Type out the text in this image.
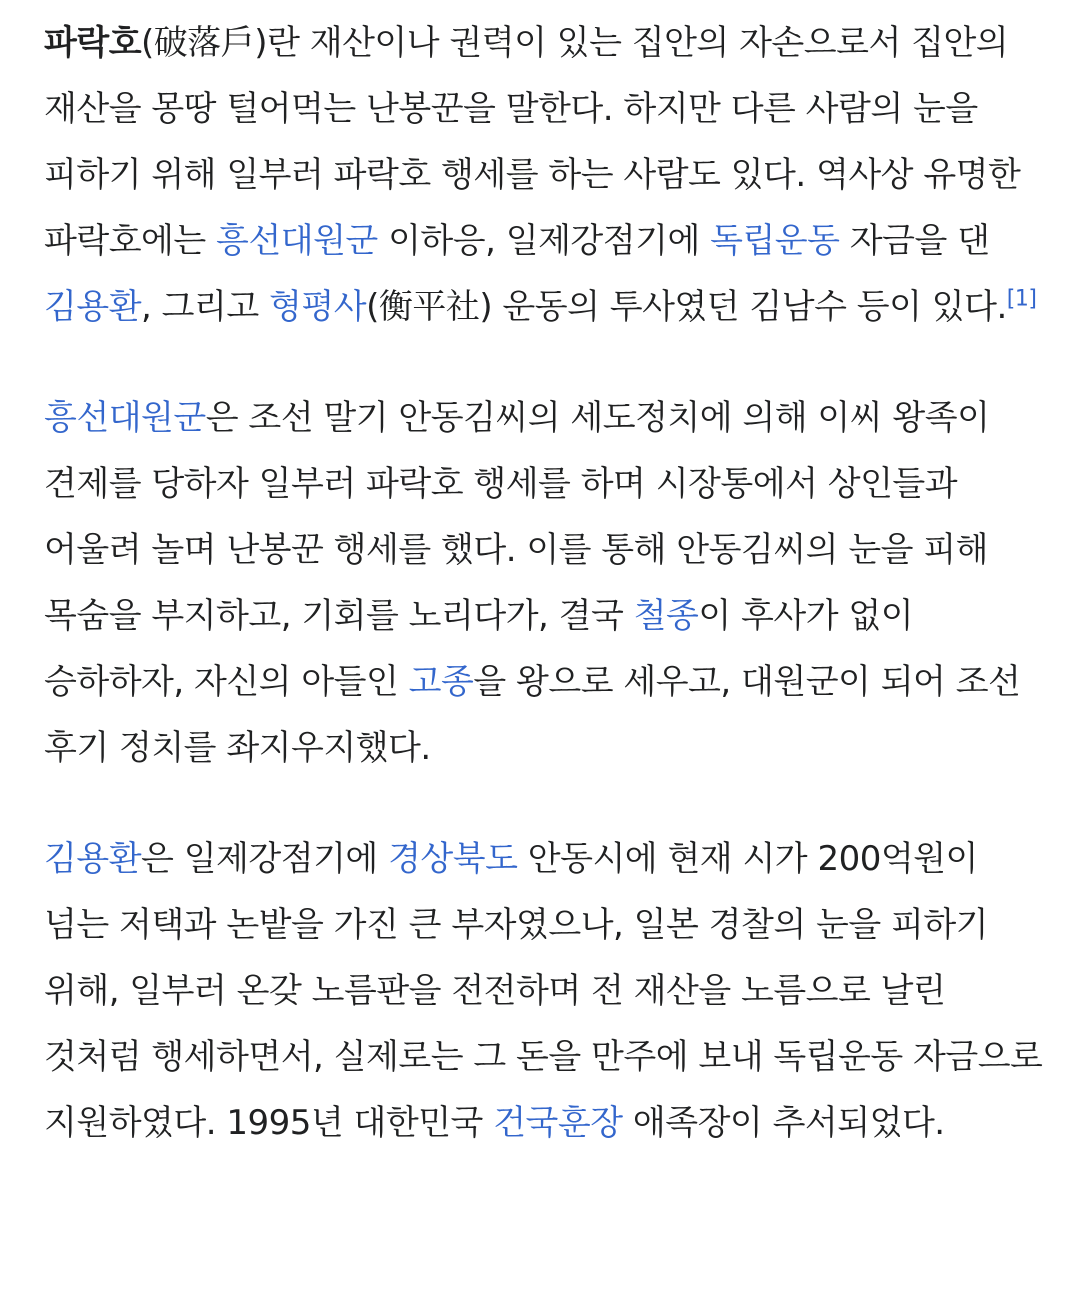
파락호(破落戶)란 재산이나 권력이 있는 집안의 자손으로서 집안의 재산을 몽땅 털어먹는 난봉꾼을 말한다. 하지만 다른 사람의 눈을 피하기 위해 일부러 파락호 행세를 하는 사람도 있다. 역사상 유명한 파락호에는 흥선대원군 이하응, 일제강점기에 독립운동 자금을 댄 김용환, 그리고 형평사(衡平社) 운동의 투사였던 김남수 등이 있다.[1]

흥선대원군은 조선 말기 안동김씨의 세도정치에 의해 이씨 왕족이 견제를 당하자 일부러 파락호 행세를 하며 시장통에서 상인들과 어울려 놀며 난봉꾼 행세를 했다. 이를 통해 안동김씨의 눈을 피해 목숨을 부지하고, 기회를 노리다가, 결국 철종이 후사가 없이 승하하자, 자신의 아들인 고종을 왕으로 세우고, 대원군이 되어 조선 후기 정치를 좌지우지했다.

김용환은 일제강점기에 경상북도 안동시에 현재 시가 200억원이 넘는 저택과 논밭을 가진 큰 부자였으나, 일본 경찰의 눈을 피하기 위해, 일부러 온갖 노름판을 전전하며 전 재산을 노름으로 날린 것처럼 행세하면서, 실제로는 그 돈을 만주에 보내 독립운동 자금으로 지원하였다. 1995년 대한민국 건국훈장 애족장이 추서되었다.
